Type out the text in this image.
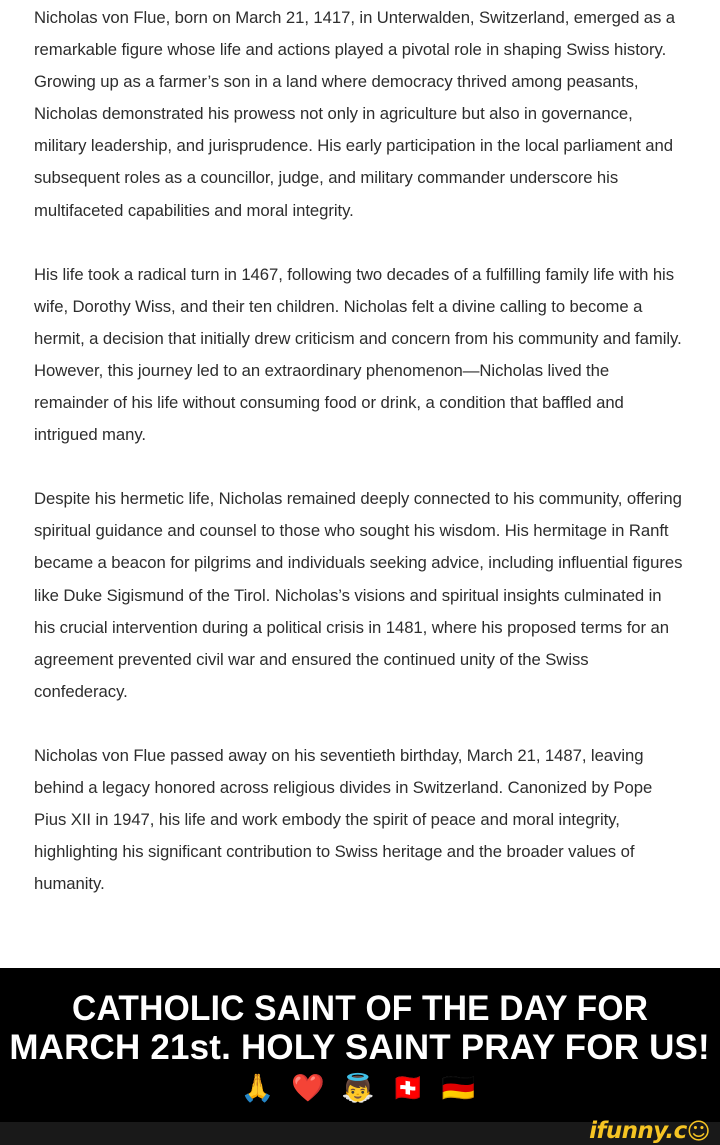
Nicholas von Flue, born on March 21, 1417, in Unterwalden, Switzerland, emerged as a remarkable figure whose life and actions played a pivotal role in shaping Swiss history. Growing up as a farmer’s son in a land where democracy thrived among peasants, Nicholas demonstrated his prowess not only in agriculture but also in governance, military leadership, and jurisprudence. His early participation in the local parliament and subsequent roles as a councillor, judge, and military commander underscore his multifaceted capabilities and moral integrity.

His life took a radical turn in 1467, following two decades of a fulfilling family life with his wife, Dorothy Wiss, and their ten children. Nicholas felt a divine calling to become a hermit, a decision that initially drew criticism and concern from his community and family. However, this journey led to an extraordinary phenomenon—Nicholas lived the remainder of his life without consuming food or drink, a condition that baffled and intrigued many.

Despite his hermetic life, Nicholas remained deeply connected to his community, offering spiritual guidance and counsel to those who sought his wisdom. His hermitage in Ranft became a beacon for pilgrims and individuals seeking advice, including influential figures like Duke Sigismund of the Tirol. Nicholas’s visions and spiritual insights culminated in his crucial intervention during a political crisis in 1481, where his proposed terms for an agreement prevented civil war and ensured the continued unity of the Swiss confederacy.

Nicholas von Flue passed away on his seventieth birthday, March 21, 1487, leaving behind a legacy honored across religious divides in Switzerland. Canonized by Pope Pius XII in 1947, his life and work embody the spirit of peace and moral integrity, highlighting his significant contribution to Swiss heritage and the broader values of humanity.

CATHOLIC SAINT OF THE DAY FOR
MARCH 21st. HOLY SAINT PRAY FOR US!
🙏 ❤️ 👼 🇨🇭 🇩🇪
ifunny.c☺
